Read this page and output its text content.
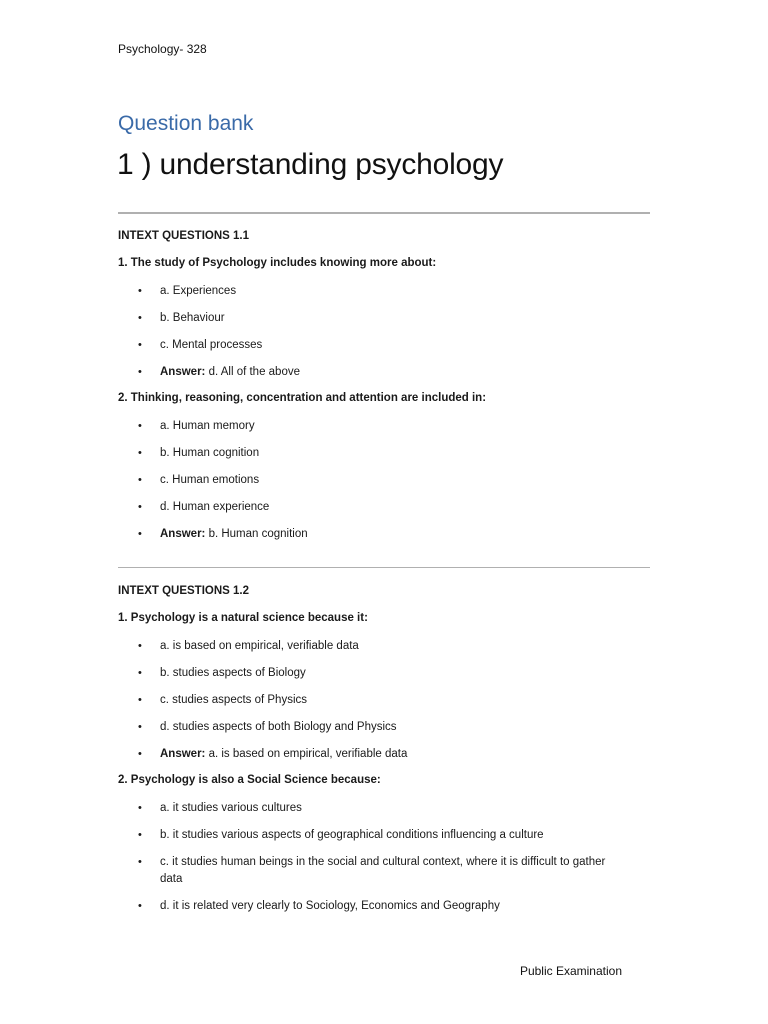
Psychology- 328
Question bank
1 ) understanding psychology
INTEXT QUESTIONS 1.1
1. The study of Psychology includes knowing more about:
• a. Experiences
• b. Behaviour
• c. Mental processes
• Answer: d. All of the above
2. Thinking, reasoning, concentration and attention are included in:
• a. Human memory
• b. Human cognition
• c. Human emotions
• d. Human experience
• Answer: b. Human cognition
INTEXT QUESTIONS 1.2
1. Psychology is a natural science because it:
• a. is based on empirical, verifiable data
• b. studies aspects of Biology
• c. studies aspects of Physics
• d. studies aspects of both Biology and Physics
• Answer: a. is based on empirical, verifiable data
2. Psychology is also a Social Science because:
• a. it studies various cultures
• b. it studies various aspects of geographical conditions influencing a culture
• c. it studies human beings in the social and cultural context, where it is difficult to gather data
• d. it is related very clearly to Sociology, Economics and Geography
Public Examination
